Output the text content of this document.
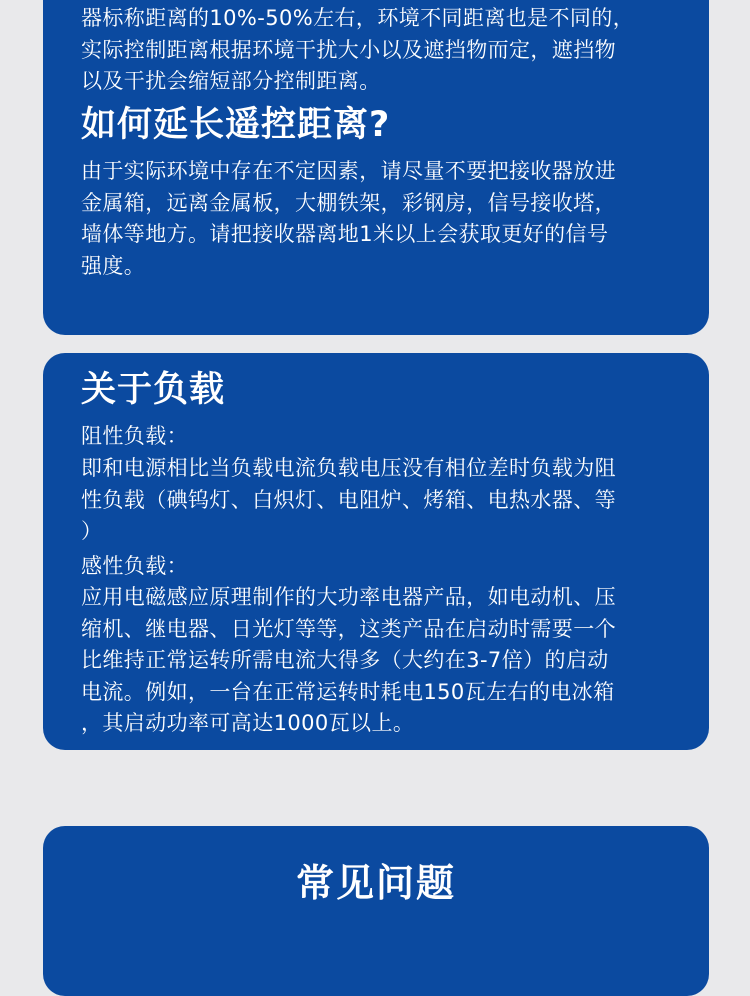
器标称距离的10%-50%左右，环境不同距离也是不同的，
实际控制距离根据环境干扰大小以及遮挡物而定，遮挡物
以及干扰会缩短部分控制距离。

如何延长遥控距离?

由于实际环境中存在不定因素，请尽量不要把接收器放进
金属箱，远离金属板，大棚铁架，彩钢房，信号接收塔，
墙体等地方。请把接收器离地1米以上会获取更好的信号
强度。

关于负载

阻性负载：

即和电源相比当负载电流负载电压没有相位差时负载为阻
性负载（碘钨灯、白炽灯、电阻炉、烤箱、电热水器、等
）

感性负载：

应用电磁感应原理制作的大功率电器产品，如电动机、压
缩机、继电器、日光灯等等，这类产品在启动时需要一个
比维持正常运转所需电流大得多（大约在3-7倍）的启动
电流。例如，一台在正常运转时耗电150瓦左右的电冰箱
，其启动功率可高达1000瓦以上。

常见问题
